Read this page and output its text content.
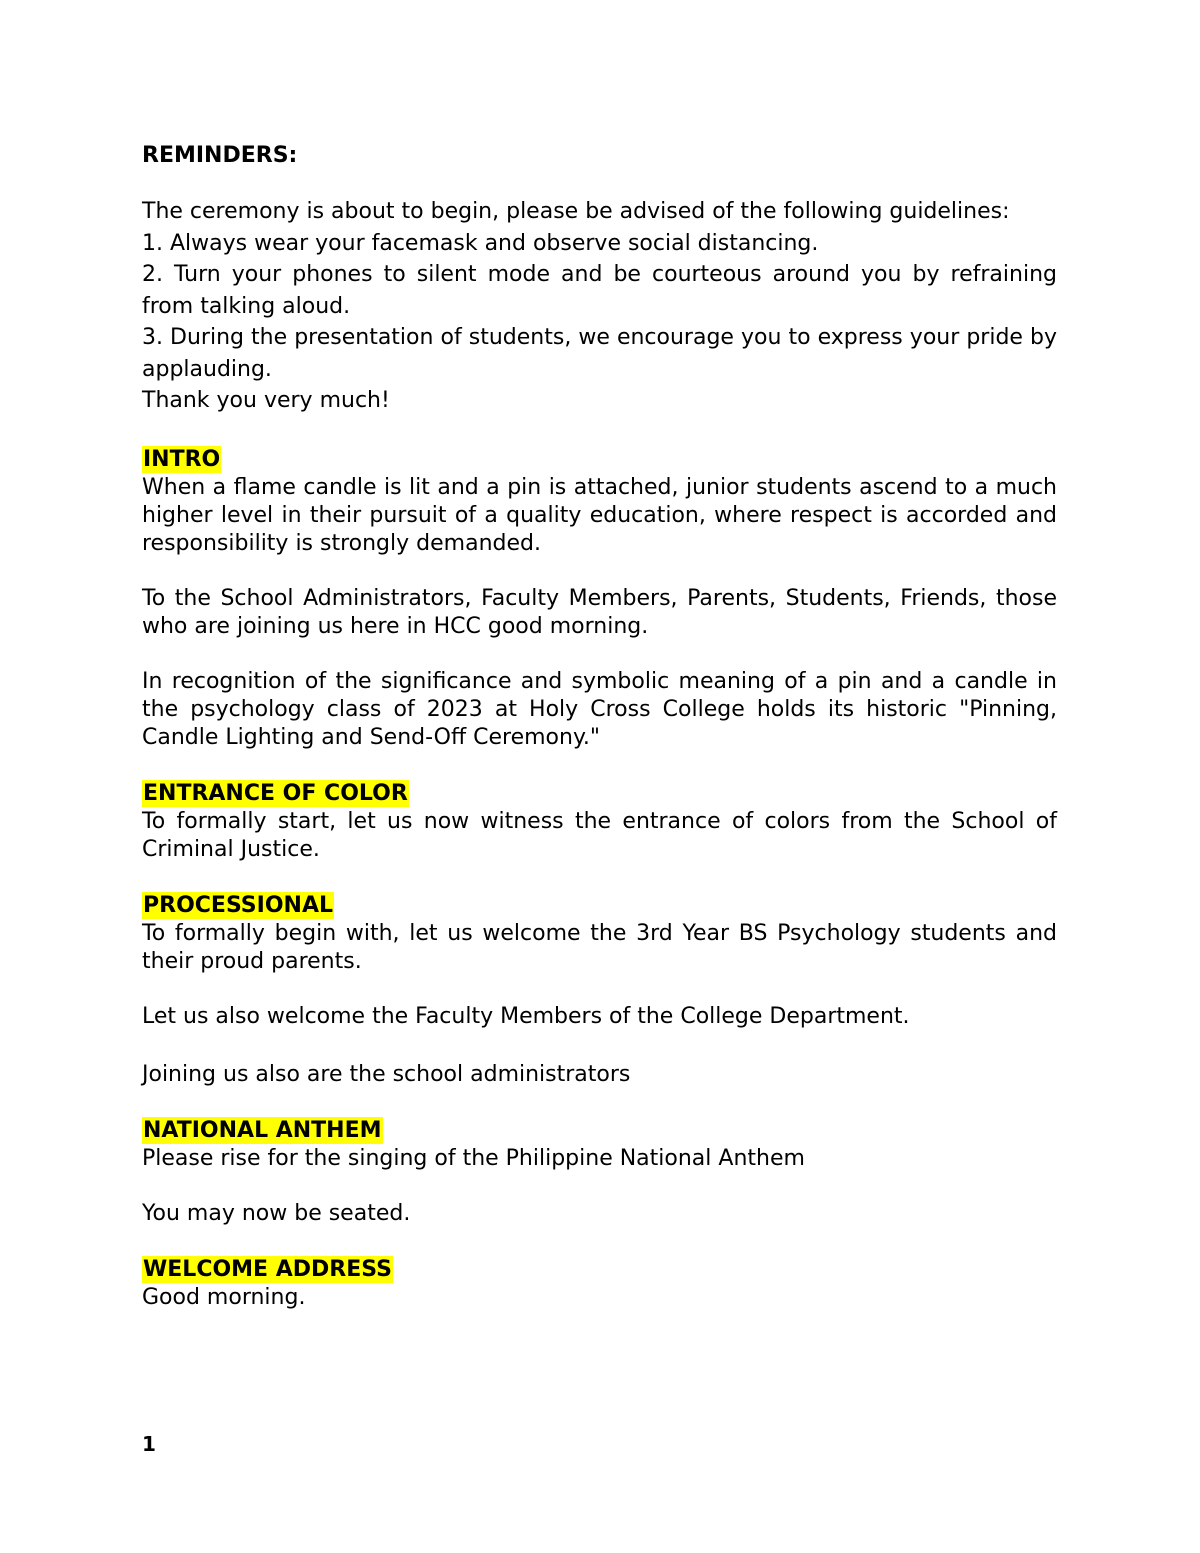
REMINDERS:

The ceremony is about to begin, please be advised of the following guidelines:

1. Always wear your facemask and observe social distancing.

2. Turn your phones to silent mode and be courteous around you by refraining from talking aloud.

3. During the presentation of students, we encourage you to express your pride by applauding.

Thank you very much!

INTRO

When a flame candle is lit and a pin is attached, junior students ascend to a much higher level in their pursuit of a quality education, where respect is accorded and responsibility is strongly demanded.

To the School Administrators, Faculty Members, Parents, Students, Friends, those who are joining us here in HCC good morning.

In recognition of the significance and symbolic meaning of a pin and a candle in the psychology class of 2023 at Holy Cross College holds its historic "Pinning, Candle Lighting and Send-Off Ceremony."

ENTRANCE OF COLOR

To formally start, let us now witness the entrance of colors from the School of Criminal Justice.

PROCESSIONAL

To formally begin with, let us welcome the 3rd Year BS Psychology students and their proud parents.

Let us also welcome the Faculty Members of the College Department.

Joining us also are the school administrators

NATIONAL ANTHEM

Please rise for the singing of the Philippine National Anthem

You may now be seated.

WELCOME ADDRESS

Good morning.

1
